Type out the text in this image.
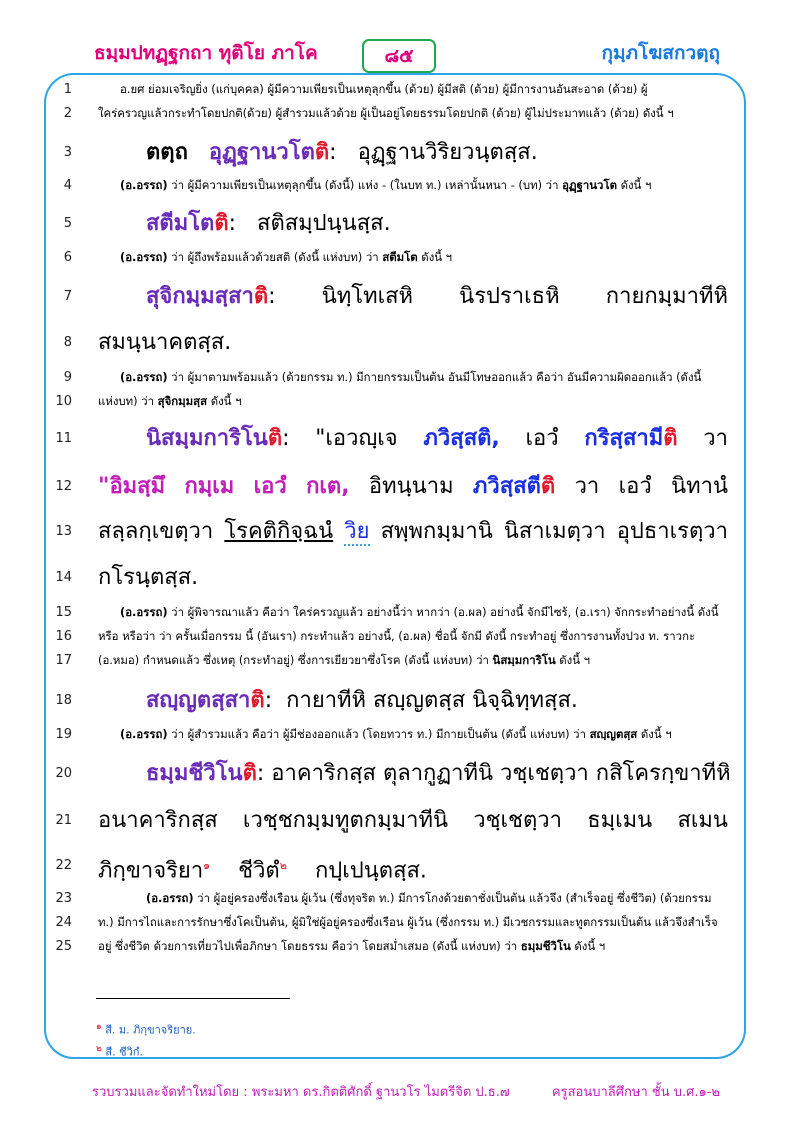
ธมฺมปทฏฺฐกถา ทุติโย ภาโค	๘๕	กุมฺภโฆสกวตฺถุ
1
2
3
4
5
6
7
8
9
10
11
12
13
14
15
16
17
18
19
20
21
22
23
24
25
อ.ยศ ย่อมเจริญยิ่ง (แก่บุคคล) ผู้มีความเพียรเป็นเหตุลุกขึ้น (ด้วย) ผู้มีสติ (ด้วย) ผู้มีการงานอันสะอาด (ด้วย) ผู้
ใคร่ครวญแล้วกระทำโดยปกติ(ด้วย) ผู้สำรวมแล้วด้วย ผู้เป็นอยู่โดยธรรมโดยปกติ (ด้วย) ผู้ไม่ประมาทแล้ว (ด้วย) ดังนี้ ฯ
ตตฺถ อุฏฺฐานวโตติ: อุฏฺฐานวิริยวนฺตสฺส.
(อ.อรรถ) ว่า ผู้มีความเพียรเป็นเหตุลุกขึ้น (ดังนี้) แห่ง - (ในบท ท.) เหล่านั้นหนา - (บท) ว่า อุฏฺฐานวโต ดังนี้ ฯ
สตีมโตติ: สติสมฺปนฺนสฺส.
(อ.อรรถ) ว่า ผู้ถึงพร้อมแล้วด้วยสติ (ดังนี้ แห่งบท) ว่า สตีมโต ดังนี้ ฯ
สุจิกมฺมสฺสาติ: นิทฺโทเสหิ นิรปราเธหิ กายกมฺมาทีหิ
สมนฺนาคตสฺส.
(อ.อรรถ) ว่า ผู้มาตามพร้อมแล้ว (ด้วยกรรม ท.) มีกายกรรมเป็นต้น อันมีโทษออกแล้ว คือว่า อันมีความผิดออกแล้ว (ดังนี้
แห่งบท) ว่า สุจิกมฺมสฺส ดังนี้ ฯ
นิสมฺมการิโนติ: "เอวญฺเจ ภวิสฺสติ, เอวํ กริสฺสามีติ วา
"อิมสฺมึ กมฺเม เอวํ กเต, อิทนฺนาม ภวิสฺสตีติ วา เอวํ นิทานํ
สลฺลกฺเขตฺวา โรคติกิจฺฉนํ วิย สพฺพกมฺมานิ นิสาเมตฺวา อุปธาเรตฺวา
กโรนฺตสฺส.
(อ.อรรถ) ว่า ผู้พิจารณาแล้ว คือว่า ใคร่ครวญแล้ว อย่างนี้ว่า หากว่า (อ.ผล) อย่างนี้ จักมีไซร้, (อ.เรา) จักกระทำอย่างนี้ ดังนี้
หรือ หรือว่า ว่า ครั้นเมื่อกรรม นี้ (อันเรา) กระทำแล้ว อย่างนี้, (อ.ผล) ชื่อนี้ จักมี ดังนี้ กระทำอยู่ ซึ่งการงานทั้งปวง ท. ราวกะ
(อ.หมอ) กำหนดแล้ว ซึ่งเหตุ (กระทำอยู่) ซึ่งการเยียวยาซึ่งโรค (ดังนี้ แห่งบท) ว่า นิสมฺมการิโน ดังนี้ ฯ
สญฺญตสฺสาติ: กายาทีหิ สญฺญตสฺส นิจฺฉิทฺทสฺส.
(อ.อรรถ) ว่า ผู้สำรวมแล้ว คือว่า ผู้มีช่องออกแล้ว (โดยทวาร ท.) มีกายเป็นต้น (ดังนี้ แห่งบท) ว่า สญฺญตสฺส ดังนี้ ฯ
ธมฺมชีวิโนติ: อาคาริกสฺส ตุลากูฏาทีนิ วชฺเชตฺวา กสิโครกฺขาทีหิ
อนาคาริกสฺส เวชฺชกมฺมทูตกมฺมาทีนิ วชฺเชตฺวา ธมฺเมน สเมน
ภิกฺขาจริยา$^๑$ ชีวิตํ$^๒$ กปฺเปนฺตสฺส.
(อ.อรรถ) ว่า ผู้อยู่ครองซึ่งเรือน ผู้เว้น (ซึ่งทุจริต ท.) มีการโกงด้วยตาชั่งเป็นต้น แล้วจึง (สำเร็จอยู่ ซึ่งชีวิต) (ด้วยกรรม
ท.) มีการไถและการรักษาซึ่งโคเป็นต้น, ผู้มิใช่ผู้อยู่ครองซึ่งเรือน ผู้เว้น (ซึ่งกรรม ท.) มีเวชกรรมและทูตกรรมเป็นต้น แล้วจึงสำเร็จ
อยู่ ซึ่งชีวิต ด้วยการเที่ยวไปเพื่อภิกษา โดยธรรม คือว่า โดยสม่ำเสมอ (ดังนี้ แห่งบท) ว่า ธมฺมชีวิโน ดังนี้ ฯ
$^๑$ สี. ม. ภิกฺขาจริยาย.
$^๒$ สี. ชีวิกํ.
รวบรวมและจัดทำใหม่โดย : พระมหา ดร.กิตติศักดิ์ ฐานวโร ไมตรีจิต ป.ธ.๗	ครูสอนบาลีศึกษา ชั้น บ.ศ.๑-๒
